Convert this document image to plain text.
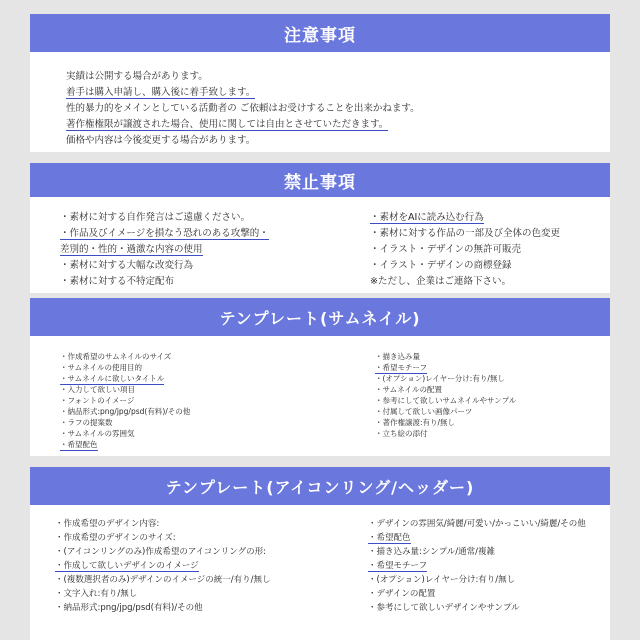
注意事項
実績は公開する場合があります。
着手は購入申請し、購入後に着手致します。
性的暴力的をメインとしている活動者の ご依頼はお受けすることを出来かねます。
著作権権限が譲渡された場合、使用に関しては自由とさせていただきます。
価格や内容は今後変更する場合があります。
禁止事項
・素材に対する自作発言はご遠慮ください。
・作品及びイメージを損なう恐れのある攻撃的・
差別的・性的・過激な内容の使用
・素材に対する大幅な改変行為
・素材に対する不特定配布
・素材をAIに読み込む行為
・素材に対する作品の一部及び全体の色変更
・イラスト・デザインの無許可販売
・イラスト・デザインの商標登録
※ただし、企業はご連絡下さい。
テンプレート(サムネイル)
・作成希望のサムネイルのサイズ
・サムネイルの使用目的
・サムネイルに欲しいタイトル
・入力して欲しい項目
・フォントのイメージ
・納品形式:png/jpg/psd(有料)/その他
・ラフの提案数
・サムネイルの雰囲気
・希望配色
・描き込み量
・希望モチーフ
・(オプション)レイヤー分け:有り/無し
・サムネイルの配置
・参考にして欲しいサムネイルやサンプル
・付属して欲しい画像パーツ
・著作権譲渡:有り/無し
・立ち絵の添付
テンプレート(アイコンリング/ヘッダー)
・作成希望のデザイン内容:
・作成希望のデザインのサイズ:
・(アイコンリングのみ)作成希望のアイコンリングの形:
・作成して欲しいデザインのイメージ
・(複数選択者のみ)デザインのイメージの統一/有り/無し
・文字入れ:有り/無し
・納品形式:png/jpg/psd(有料)/その他
・デザインの雰囲気/綺麗/可愛い/かっこいい/綺麗/その他
・希望配色
・描き込み量:シンプル/通常/複雑
・希望モチーフ
・(オプション)レイヤー分け:有り/無し
・デザインの配置
・参考にして欲しいデザインやサンプル
